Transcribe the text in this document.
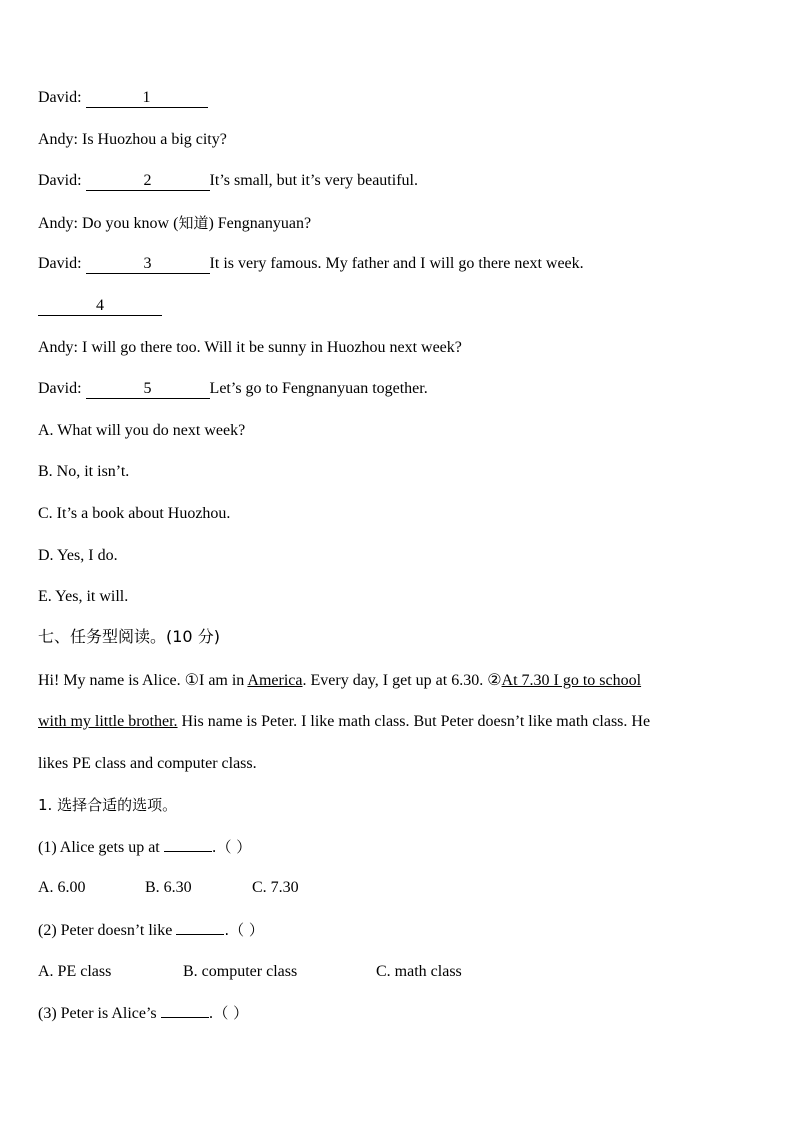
David:	1
Andy: Is Huozhou a big city?
David:	2	It’s small, but it’s very beautiful.
Andy: Do you know (知道) Fengnanyuan?
David:	3	It is very famous. My father and I will go there next week.
4
Andy: I will go there too. Will it be sunny in Huozhou next week?
David:	5	Let’s go to Fengnanyuan together.
A. What will you do next week?
B. No, it isn’t.
C. It’s a book about Huozhou.
D. Yes, I do.
E. Yes, it will.
七、任务型阅读。(10 分)
Hi! My name is Alice. ①I am in America. Every day, I get up at 6.30. ②At 7.30 I go to school
with my little brother. His name is Peter. I like math class. But Peter doesn’t like math class. He
likes PE class and computer class.
1. 选择合适的选项。
(1) Alice gets up at	.（ ）
A. 6.00	B. 6.30	C. 7.30
(2) Peter doesn’t like	.（ ）
A. PE class	B. computer class	C. math class
(3) Peter is Alice’s	.（ ）
